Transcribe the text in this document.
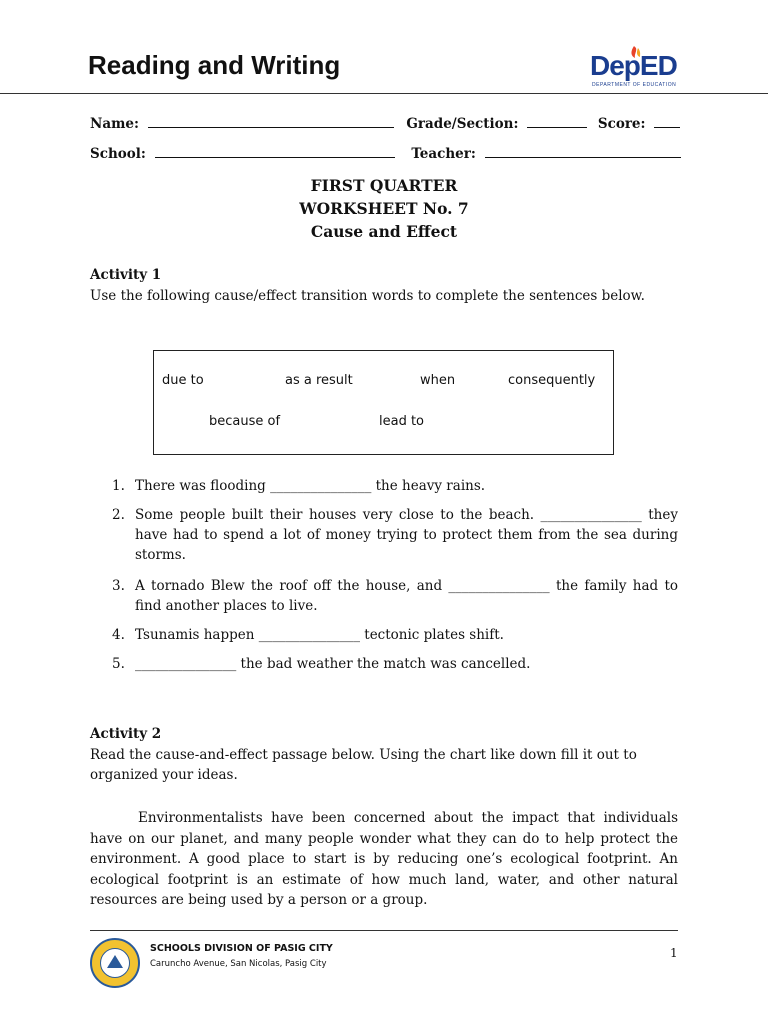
Reading and Writing	DepED
DEPARTMENT OF EDUCATION
Name:	Grade/Section:	Score:
School:	Teacher:
FIRST QUARTER
WORKSHEET No. 7
Cause and Effect
Activity 1
Use the following cause/effect transition words to complete the sentences below.
due to	as a result	when	consequently
because of	lead to
1. There was flooding _______________ the heavy rains.
2. Some people built their houses very close to the beach. _______________ they have had to spend a lot of money trying to protect them from the sea during storms.
3. A tornado Blew the roof off the house, and _______________ the family had to find another places to live.
4. Tsunamis happen _______________ tectonic plates shift.
5. _______________ the bad weather the match was cancelled.
Activity 2
Read the cause-and-effect passage below. Using the chart like down fill it out to organized your ideas.
Environmentalists have been concerned about the impact that individuals have on our planet, and many people wonder what they can do to help protect the environment. A good place to start is by reducing one’s ecological footprint. An ecological footprint is an estimate of how much land, water, and other natural resources are being used by a person or a group.
SCHOOLS DIVISION OF PASIG CITY
Caruncho Avenue, San Nicolas, Pasig City
1
